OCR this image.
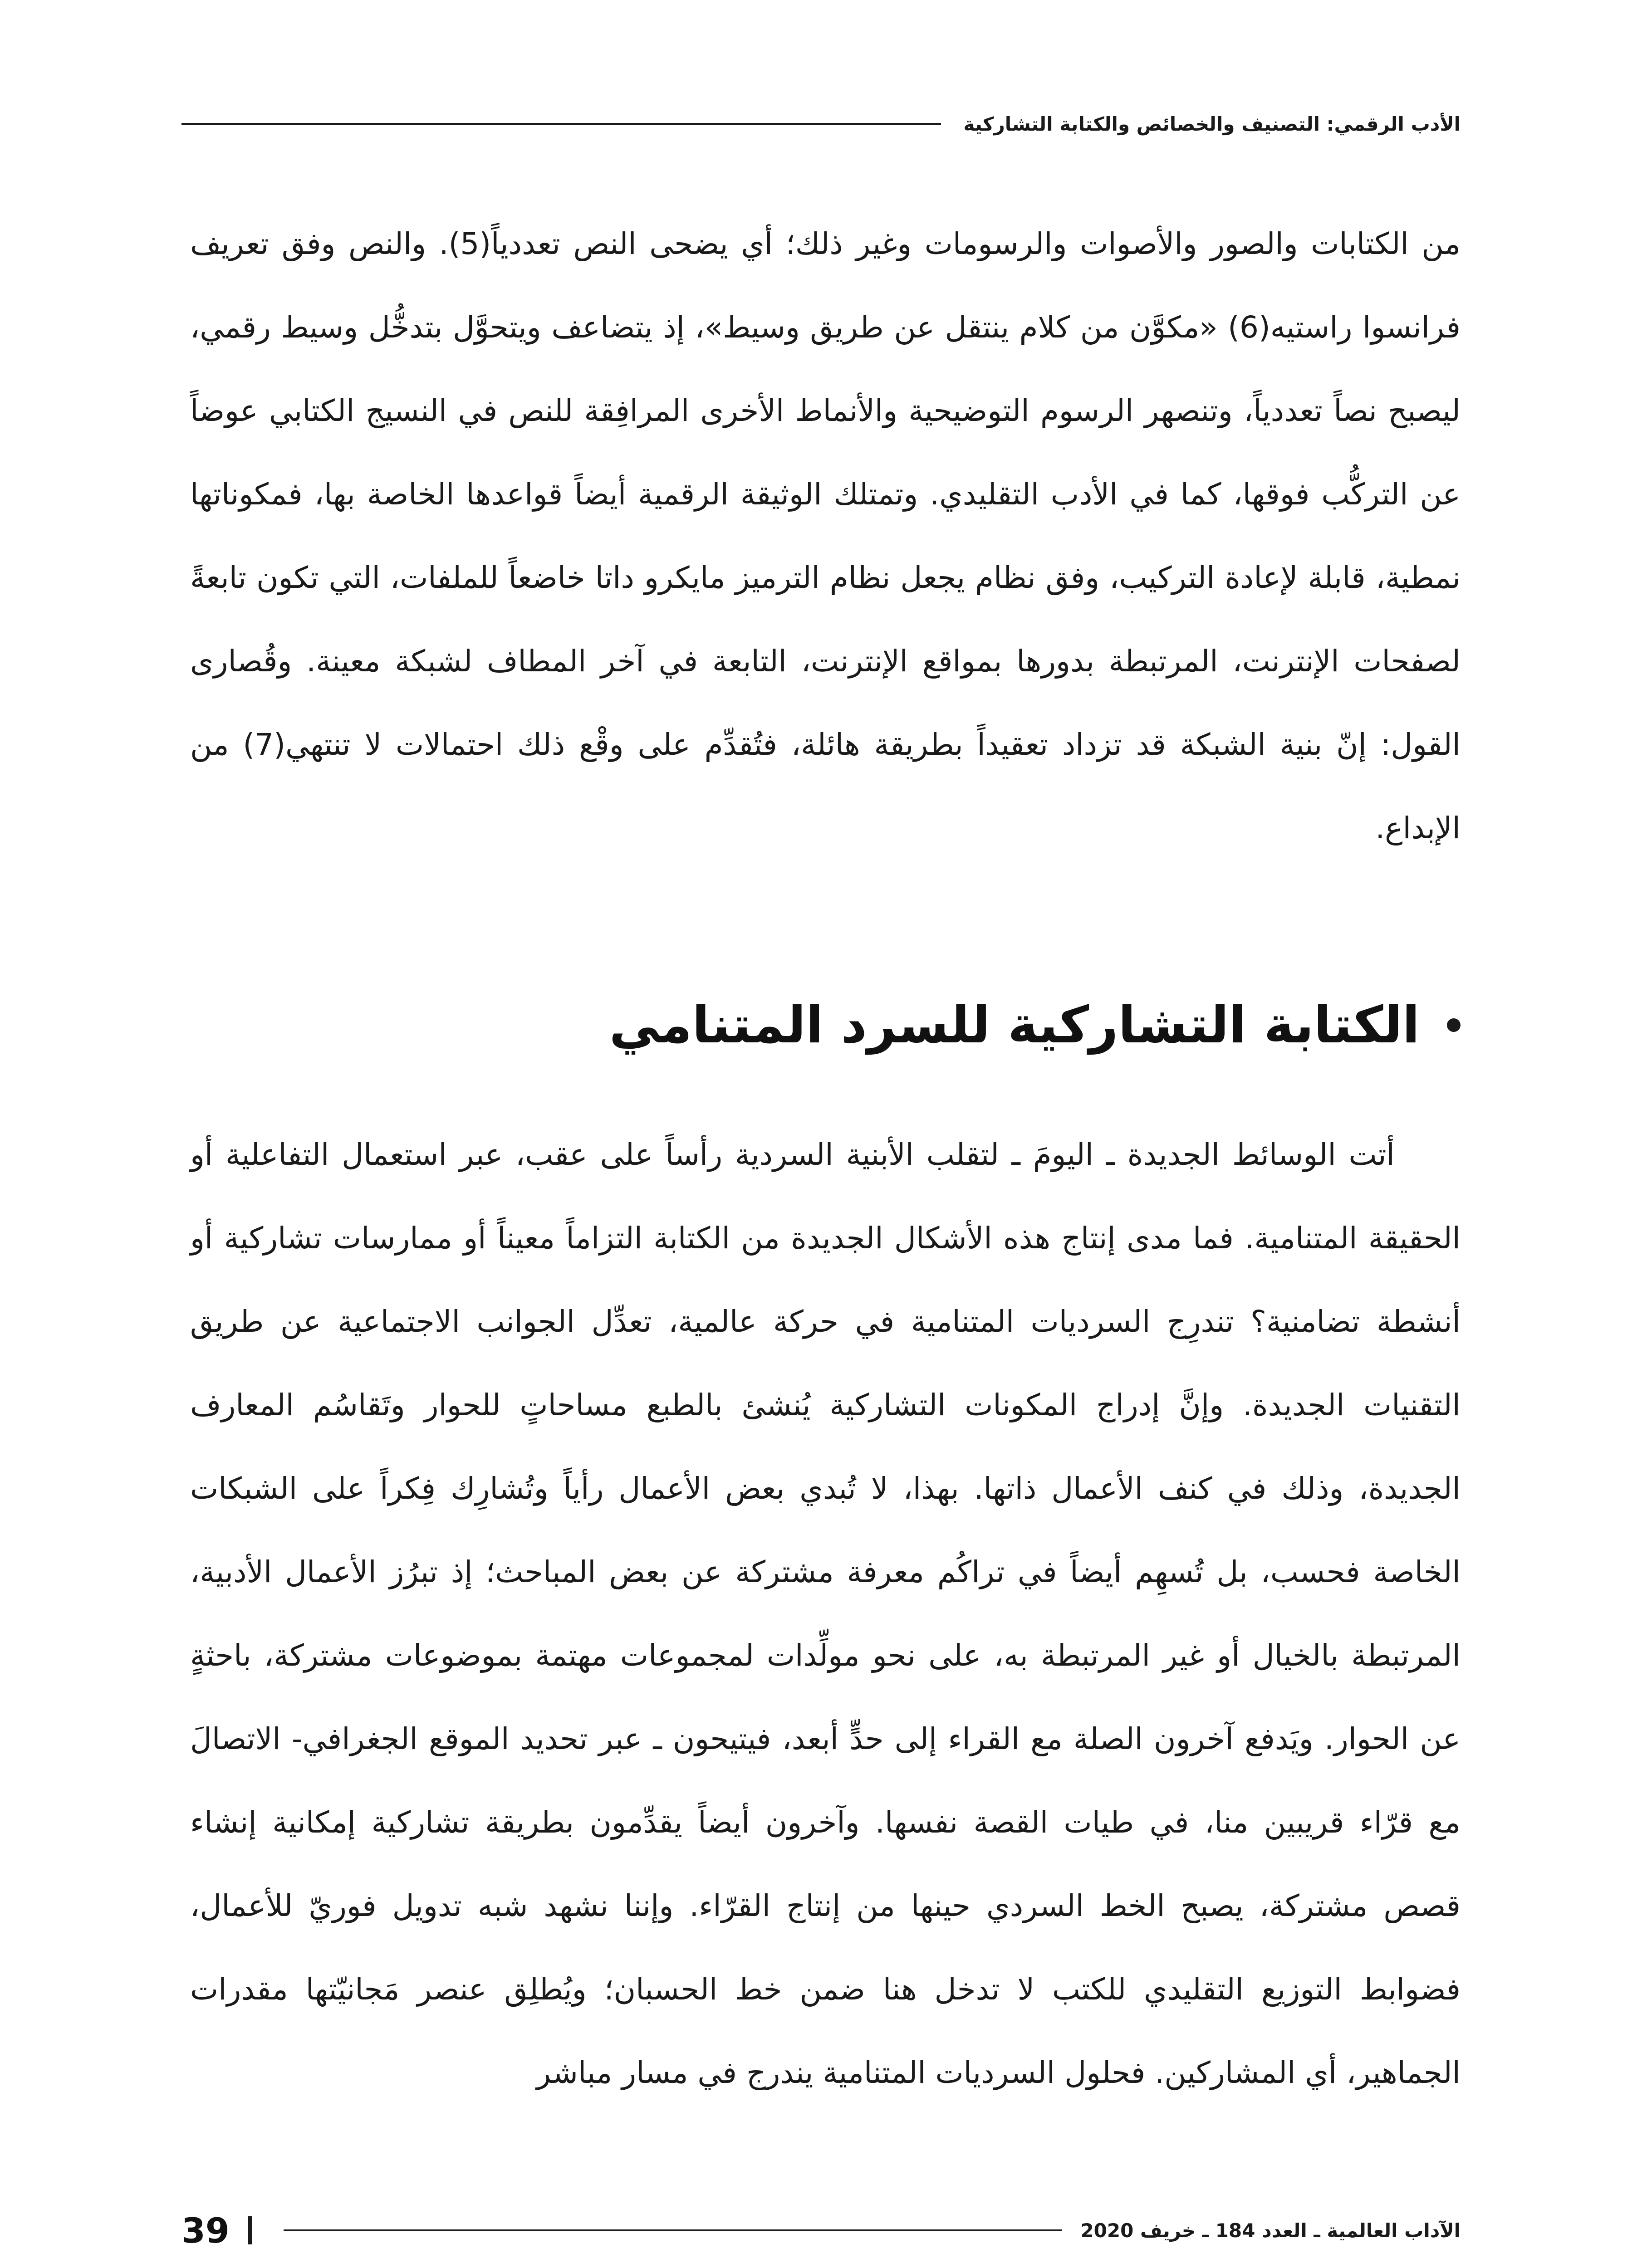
الأدب الرقمي: التصنيف والخصائص والكتابة التشاركية

من الكتابات والصور والأصوات والرسومات وغير ذلك؛ أي يضحى النص تعددياً(5). والنص وفق تعريف فرانسوا راستيه(6) «مكوَّن من كلام ينتقل عن طريق وسيط»، إذ يتضاعف ويتحوَّل بتدخُّل وسيط رقمي، ليصبح نصاً تعددياً، وتنصهر الرسوم التوضيحية والأنماط الأخرى المرافِقة للنص في النسيج الكتابي عوضاً عن التركُّب فوقها، كما في الأدب التقليدي. وتمتلك الوثيقة الرقمية أيضاً قواعدها الخاصة بها، فمكوناتها نمطية، قابلة لإعادة التركيب، وفق نظام يجعل نظام الترميز مايكرو داتا خاضعاً للملفات، التي تكون تابعةً لصفحات الإنترنت، المرتبطة بدورها بمواقع الإنترنت، التابعة في آخر المطاف لشبكة معينة. وقُصارى القول: إنّ بنية الشبكة قد تزداد تعقيداً بطريقة هائلة، فتُقدِّم على وقْع ذلك احتمالات لا تنتهي(7) من الإبداع.

الكتابة التشاركية للسرد المتنامي

أتت الوسائط الجديدة ـ اليومَ ـ لتقلب الأبنية السردية رأساً على عقب، عبر استعمال التفاعلية أو الحقيقة المتنامية. فما مدى إنتاج هذه الأشكال الجديدة من الكتابة التزاماً معيناً أو ممارسات تشاركية أو أنشطة تضامنية؟ تندرِج السرديات المتنامية في حركة عالمية، تعدِّل الجوانب الاجتماعية عن طريق التقنيات الجديدة. وإنَّ إدراج المكونات التشاركية يُنشئ بالطبع مساحاتٍ للحوار وتَقاسُم المعارف الجديدة، وذلك في كنف الأعمال ذاتها. بهذا، لا تُبدي بعض الأعمال رأياً وتُشارِك فِكراً على الشبكات الخاصة فحسب، بل تُسهِم أيضاً في تراكُم معرفة مشتركة عن بعض المباحث؛ إذ تبرُز الأعمال الأدبية، المرتبطة بالخيال أو غير المرتبطة به، على نحو مولِّدات لمجموعات مهتمة بموضوعات مشتركة، باحثةٍ عن الحوار. ويَدفع آخرون الصلة مع القراء إلى حدٍّ أبعد، فيتيحون ـ عبر تحديد الموقع الجغرافي- الاتصالَ مع قرّاء قريبين منا، في طيات القصة نفسها. وآخرون أيضاً يقدِّمون بطريقة تشاركية إمكانية إنشاء قصص مشتركة، يصبح الخط السردي حينها من إنتاج القرّاء. وإننا نشهد شبه تدويل فوريّ للأعمال، فضوابط التوزيع التقليدي للكتب لا تدخل هنا ضمن خط الحسبان؛ ويُطلِق عنصر مَجانيّتها مقدرات الجماهير، أي المشاركين. فحلول السرديات المتنامية يندرج في مسار مباشر

الآداب العالمية ـ العدد 184 ـ خريف 2020
39
